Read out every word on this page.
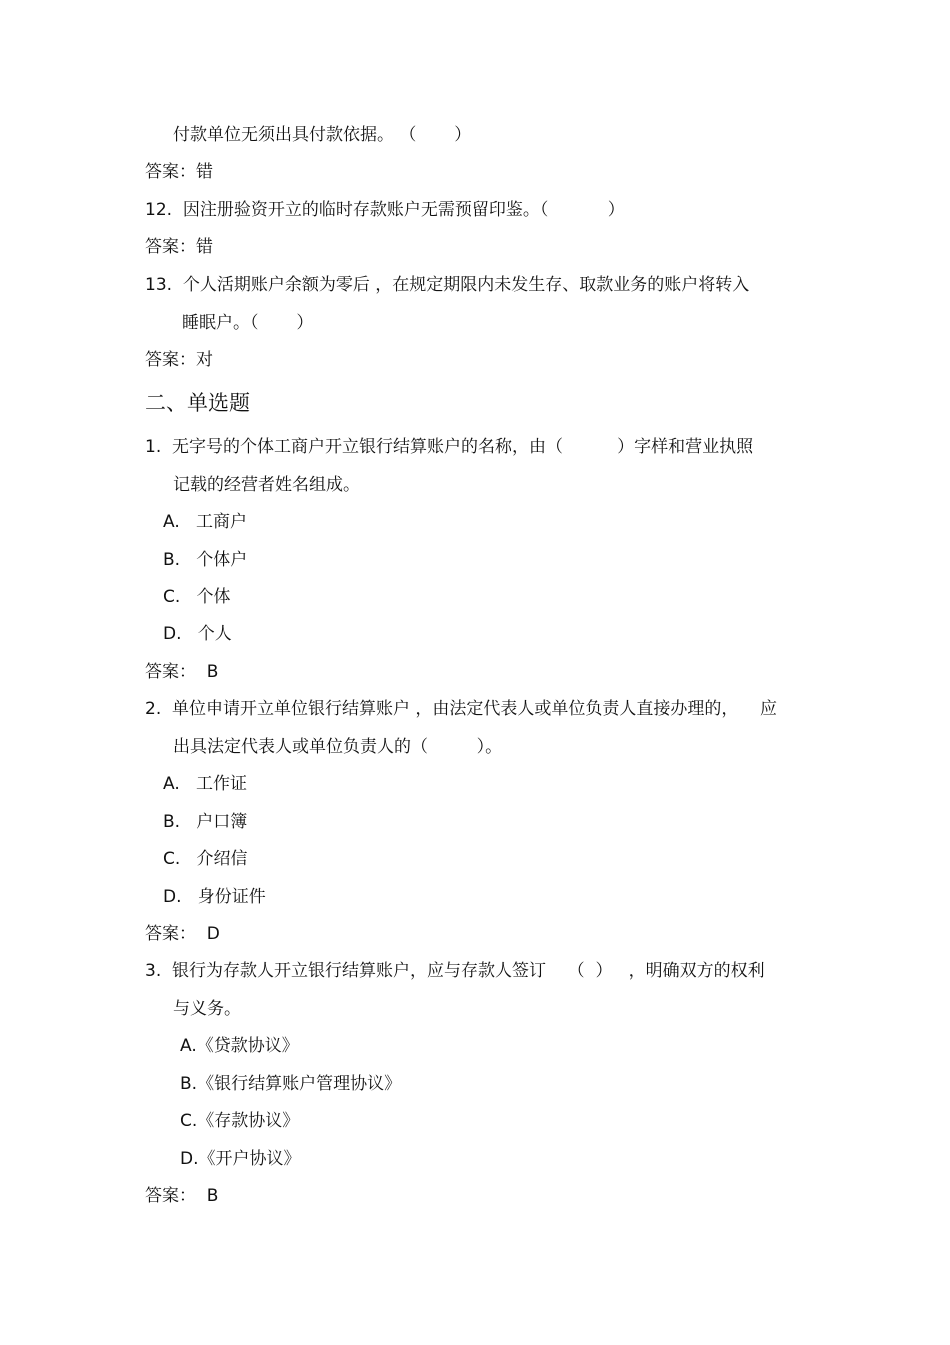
付款单位无须出具付款依据。 （       ）
答案：错
12.  因注册验资开立的临时存款账户无需预留印鉴。（           ）
答案：错
13.  个人活期账户余额为零后 ，在规定期限内未发生存、取款业务的账户将转入
睡眠户。（       ）
答案：对
二、单选题
1.  无字号的个体工商户开立银行结算账户的名称，由（          ）字样和营业执照
记载的经营者姓名组成。
A.   工商户
B.   个体户
C.   个体
D.   个人
答案：  B
2.  单位申请开立单位银行结算账户 ，由法定代表人或单位负责人直接办理的，    应
出具法定代表人或单位负责人的（         ）。
A.   工作证
B.   户口簿
C.   介绍信
D.   身份证件
答案：  D
3.  银行为存款人开立银行结算账户，应与存款人签订    （  ）   ，明确双方的权利
与义务。
A.《贷款协议》
B.《银行结算账户管理协议》
C.《存款协议》
D.《开户协议》
答案：  B
